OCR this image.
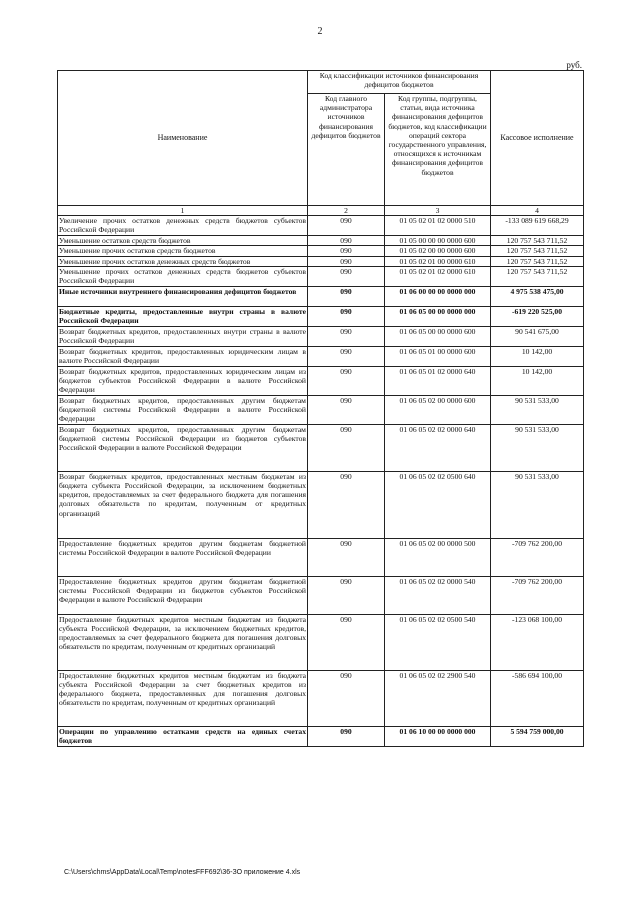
2
руб.
Наименование	Код классификации источников финансирования дефицитов бюджетов		Кассовое исполнение
	Код главного администратора источников финансирования дефицитов бюджетов	Код группы, подгруппы, статьи, вида источника финансирования дефицитов бюджетов, код классификации операций сектора государственного управления, относящихся к источникам финансирования дефицитов бюджетов	
1	2	3	4
Увеличение прочих остатков денежных средств бюджетов субъектов Российской Федерации	090	01 05 02 01 02 0000 510	-133 089 619 668,29
Уменьшение остатков средств бюджетов	090	01 05 00 00 00 0000 600	120 757 543 711,52
Уменьшение прочих остатков средств бюджетов	090	01 05 02 00 00 0000 600	120 757 543 711,52
Уменьшение прочих остатков денежных средств бюджетов	090	01 05 02 01 00 0000 610	120 757 543 711,52
Уменьшение прочих остатков денежных средств бюджетов субъектов Российской Федерации	090	01 05 02 01 02 0000 610	120 757 543 711,52
Иные источники внутреннего финансирования дефицитов бюджетов	090	01 06 00 00 00 0000 000	4 975 538 475,00
Бюджетные кредиты, предоставленные внутри страны в валюте Российской Федерации	090	01 06 05 00 00 0000 000	-619 220 525,00
Возврат бюджетных кредитов, предоставленных внутри страны в валюте Российской Федерации	090	01 06 05 00 00 0000 600	90 541 675,00
Возврат бюджетных кредитов, предоставленных юридическим лицам в валюте Российской Федерации	090	01 06 05 01 00 0000 600	10 142,00
Возврат бюджетных кредитов, предоставленных юридическим лицам из бюджетов субъектов Российской Федерации в валюте Российской Федерации	090	01 06 05 01 02 0000 640	10 142,00
Возврат бюджетных кредитов, предоставленных другим бюджетам бюджетной системы Российской Федерации в валюте Российской Федерации	090	01 06 05 02 00 0000 600	90 531 533,00
Возврат бюджетных кредитов, предоставленных другим бюджетам бюджетной системы Российской Федерации из бюджетов субъектов Российской Федерации в валюте Российской Федерации	090	01 06 05 02 02 0000 640	90 531 533,00
Возврат бюджетных кредитов, предоставленных местным бюджетам из бюджета субъекта Российской Федерации, за исключением бюджетных кредитов, предоставляемых за счет федерального бюджета для погашения долговых обязательств по кредитам, полученным от кредитных организаций	090	01 06 05 02 02 0500 640	90 531 533,00
Предоставление бюджетных кредитов другим бюджетам бюджетной системы Российской Федерации в валюте Российской Федерации	090	01 06 05 02 00 0000 500	-709 762 200,00
Предоставление бюджетных кредитов другим бюджетам бюджетной системы Российской Федерации из бюджетов субъектов Российской Федерации в валюте Российской Федерации	090	01 06 05 02 02 0000 540	-709 762 200,00
Предоставление бюджетных кредитов местным бюджетам из бюджета субъекта Российской Федерации, за исключением бюджетных кредитов, предоставляемых за счет федерального бюджета для погашения долговых обязательств по кредитам, полученным от кредитных организаций	090	01 06 05 02 02 0500 540	-123 068 100,00
Предоставление бюджетных кредитов местным бюджетам из бюджета субъекта Российской Федерации за счет бюджетных кредитов из федерального бюджета, предоставленных для погашения долговых обязательств по кредитам, полученным от кредитных организаций	090	01 06 05 02 02 2900 540	-586 694 100,00
Операции по управлению остатками средств на единых счетах бюджетов	090	01 06 10 00 00 0000 000	5 594 759 000,00
C:\Users\chms\AppData\Local\Temp\notesFFF692\36-ЗО приложение 4.xls
